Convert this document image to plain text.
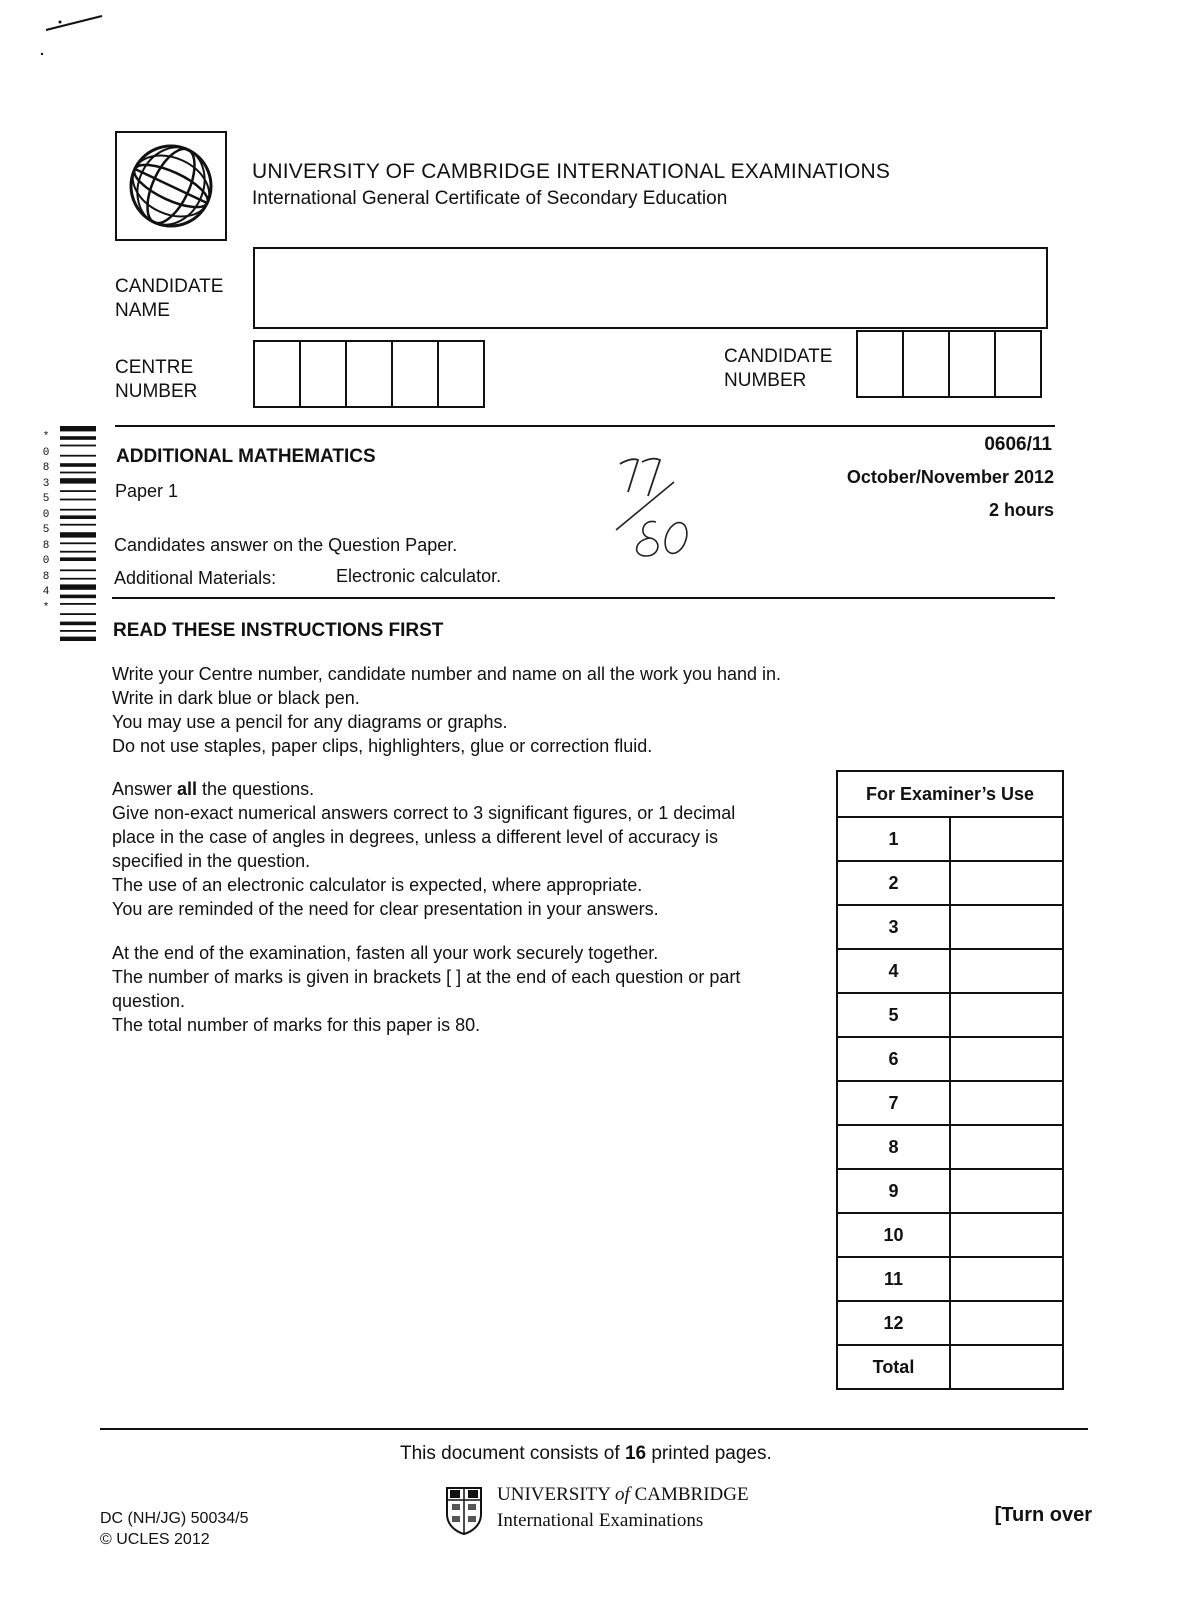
UNIVERSITY OF CAMBRIDGE INTERNATIONAL EXAMINATIONS
International General Certificate of Secondary Education
CANDIDATE
NAME
CENTRE
NUMBER
CANDIDATE
NUMBER
*
0
8
3
5
0
5
8
0
8
4
*
ADDITIONAL MATHEMATICS
Paper 1
0606/11
October/November 2012
2 hours
Candidates answer on the Question Paper.
Additional Materials:	Electronic calculator.
READ THESE INSTRUCTIONS FIRST

Write your Centre number, candidate number and name on all the work you hand in.

Write in dark blue or black pen.

You may use a pencil for any diagrams or graphs.

Do not use staples, paper clips, highlighters, glue or correction fluid.

Answer all the questions.

Give non-exact numerical answers correct to 3 significant figures, or 1 decimal

place in the case of angles in degrees, unless a different level of accuracy is

specified in the question.

The use of an electronic calculator is expected, where appropriate.

You are reminded of the need for clear presentation in your answers.

At the end of the examination, fasten all your work securely together.

The number of marks is given in brackets [ ] at the end of each question or part

question.

The total number of marks for this paper is 80.

For Examiner’s Use	
1	
2	
3	
4	
5	
6	
7	
8	
9	
10	
11	
12	
Total	
This document consists of 16 printed pages.
DC (NH/JG) 50034/5
© UCLES 2012
UNIVERSITY of CAMBRIDGE
International Examinations	[Turn over
